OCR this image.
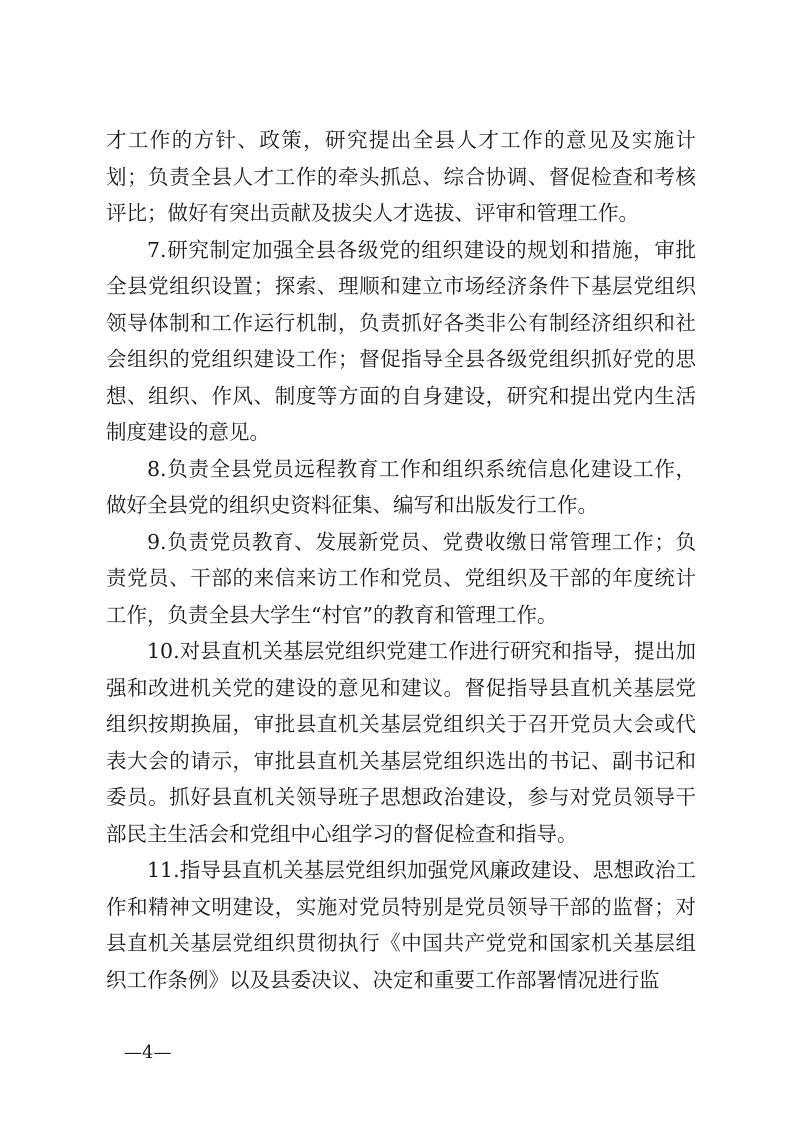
才工作的方针、政策，研究提出全县人才工作的意见及实施计划；负责全县人才工作的牵头抓总、综合协调、督促检查和考核评比；做好有突出贡献及拔尖人才选拔、评审和管理工作。

7.研究制定加强全县各级党的组织建设的规划和措施，审批全县党组织设置；探索、理顺和建立市场经济条件下基层党组织领导体制和工作运行机制，负责抓好各类非公有制经济组织和社会组织的党组织建设工作；督促指导全县各级党组织抓好党的思想、组织、作风、制度等方面的自身建设，研究和提出党内生活制度建设的意见。

8.负责全县党员远程教育工作和组织系统信息化建设工作，做好全县党的组织史资料征集、编写和出版发行工作。

9.负责党员教育、发展新党员、党费收缴日常管理工作；负责党员、干部的来信来访工作和党员、党组织及干部的年度统计工作，负责全县大学生“村官”的教育和管理工作。

10.对县直机关基层党组织党建工作进行研究和指导，提出加强和改进机关党的建设的意见和建议。督促指导县直机关基层党组织按期换届，审批县直机关基层党组织关于召开党员大会或代表大会的请示，审批县直机关基层党组织选出的书记、副书记和委员。抓好县直机关领导班子思想政治建设，参与对党员领导干部民主生活会和党组中心组学习的督促检查和指导。

11.指导县直机关基层党组织加强党风廉政建设、思想政治工作和精神文明建设，实施对党员特别是党员领导干部的监督；对县直机关基层党组织贯彻执行《中国共产党党和国家机关基层组织工作条例》以及县委决议、决定和重要工作部署情况进行监

—4—
